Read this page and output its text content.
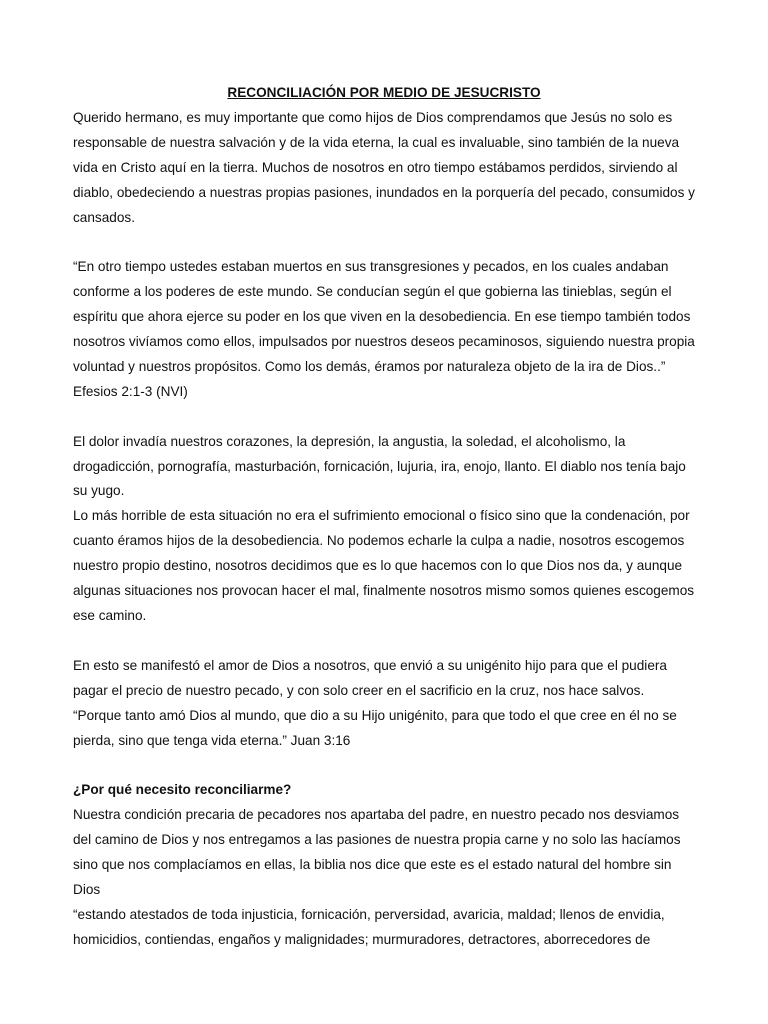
RECONCILIACIÓN POR MEDIO DE JESUCRISTO

Querido hermano, es muy importante que como hijos de Dios comprendamos que Jesús no solo es responsable de nuestra salvación y de la vida eterna, la cual es invaluable, sino también de la nueva vida en Cristo aquí en la tierra. Muchos de nosotros en otro tiempo estábamos perdidos, sirviendo al diablo, obedeciendo a nuestras propias pasiones, inundados en la porquería del pecado, consumidos y cansados.

“En otro tiempo ustedes estaban muertos en sus transgresiones y pecados, en los cuales andaban conforme a los poderes de este mundo. Se conducían según el que gobierna las tinieblas, según el espíritu que ahora ejerce su poder en los que viven en la desobediencia. En ese tiempo también todos nosotros vivíamos como ellos, impulsados por nuestros deseos pecaminosos, siguiendo nuestra propia voluntad y nuestros propósitos. Como los demás, éramos por naturaleza objeto de la ira de Dios..” Efesios 2:1-3 (NVI)

El dolor invadía nuestros corazones, la depresión, la angustia, la soledad, el alcoholismo, la drogadicción, pornografía, masturbación, fornicación, lujuria, ira, enojo, llanto. El diablo nos tenía bajo su yugo.

Lo más horrible de esta situación no era el sufrimiento emocional o físico sino que la condenación, por cuanto éramos hijos de la desobediencia. No podemos echarle la culpa a nadie, nosotros escogemos nuestro propio destino, nosotros decidimos que es lo que hacemos con lo que Dios nos da, y aunque algunas situaciones nos provocan hacer el mal, finalmente nosotros mismo somos quienes escogemos ese camino.

En esto se manifestó el amor de Dios a nosotros, que envió a su unigénito hijo para que el pudiera pagar el precio de nuestro pecado, y con solo creer en el sacrificio en la cruz, nos hace salvos.

“Porque tanto amó Dios al mundo, que dio a su Hijo unigénito, para que todo el que cree en él no se pierda, sino que tenga vida eterna.” Juan 3:16

¿Por qué necesito reconciliarme?

Nuestra condición precaria de pecadores nos apartaba del padre, en nuestro pecado nos desviamos del camino de Dios y nos entregamos a las pasiones de nuestra propia carne y no solo las hacíamos sino que nos complacíamos en ellas, la biblia nos dice que este es el estado natural del hombre sin Dios

“estando atestados de toda injusticia, fornicación, perversidad, avaricia, maldad; llenos de envidia, homicidios, contiendas, engaños y malignidades; murmuradores, detractores, aborrecedores de
